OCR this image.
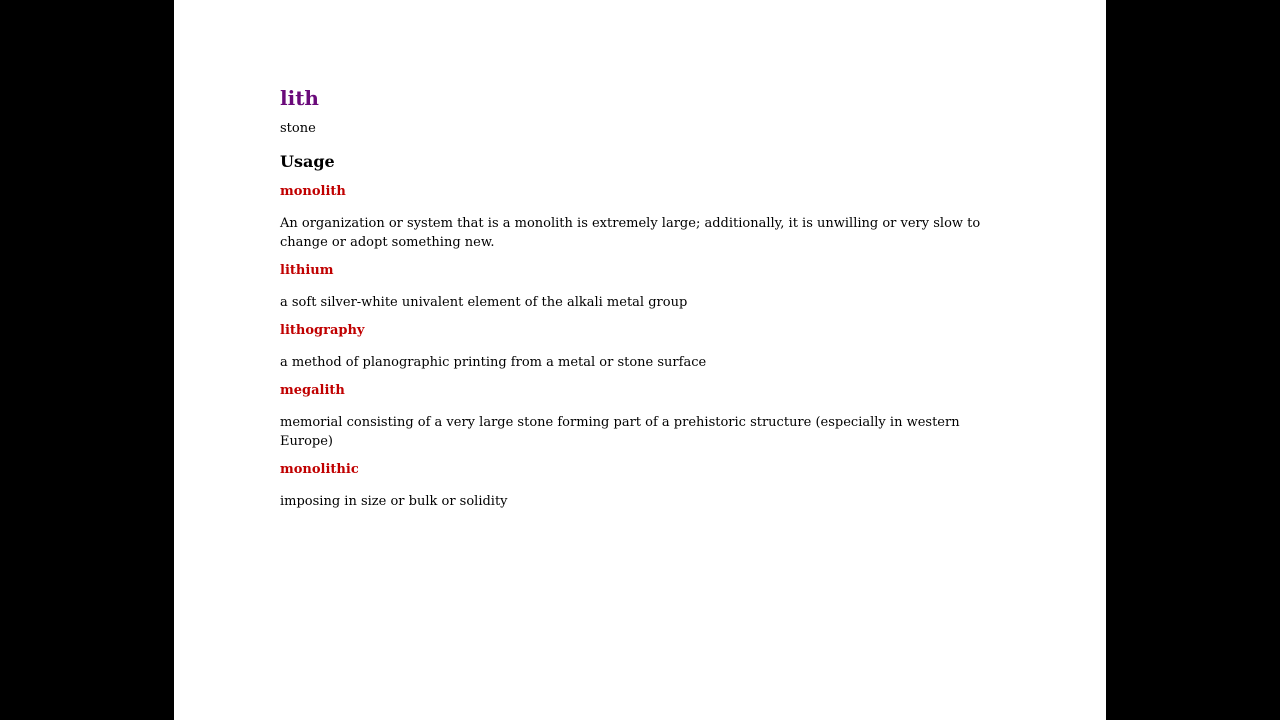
lith

stone

Usage

monolith

An organization or system that is a monolith is extremely large; additionally, it is unwilling or very slow to change or adopt something new.

lithium

a soft silver-white univalent element of the alkali metal group

lithography

a method of planographic printing from a metal or stone surface

megalith

memorial consisting of a very large stone forming part of a prehistoric structure (especially in western Europe)

monolithic

imposing in size or bulk or solidity
